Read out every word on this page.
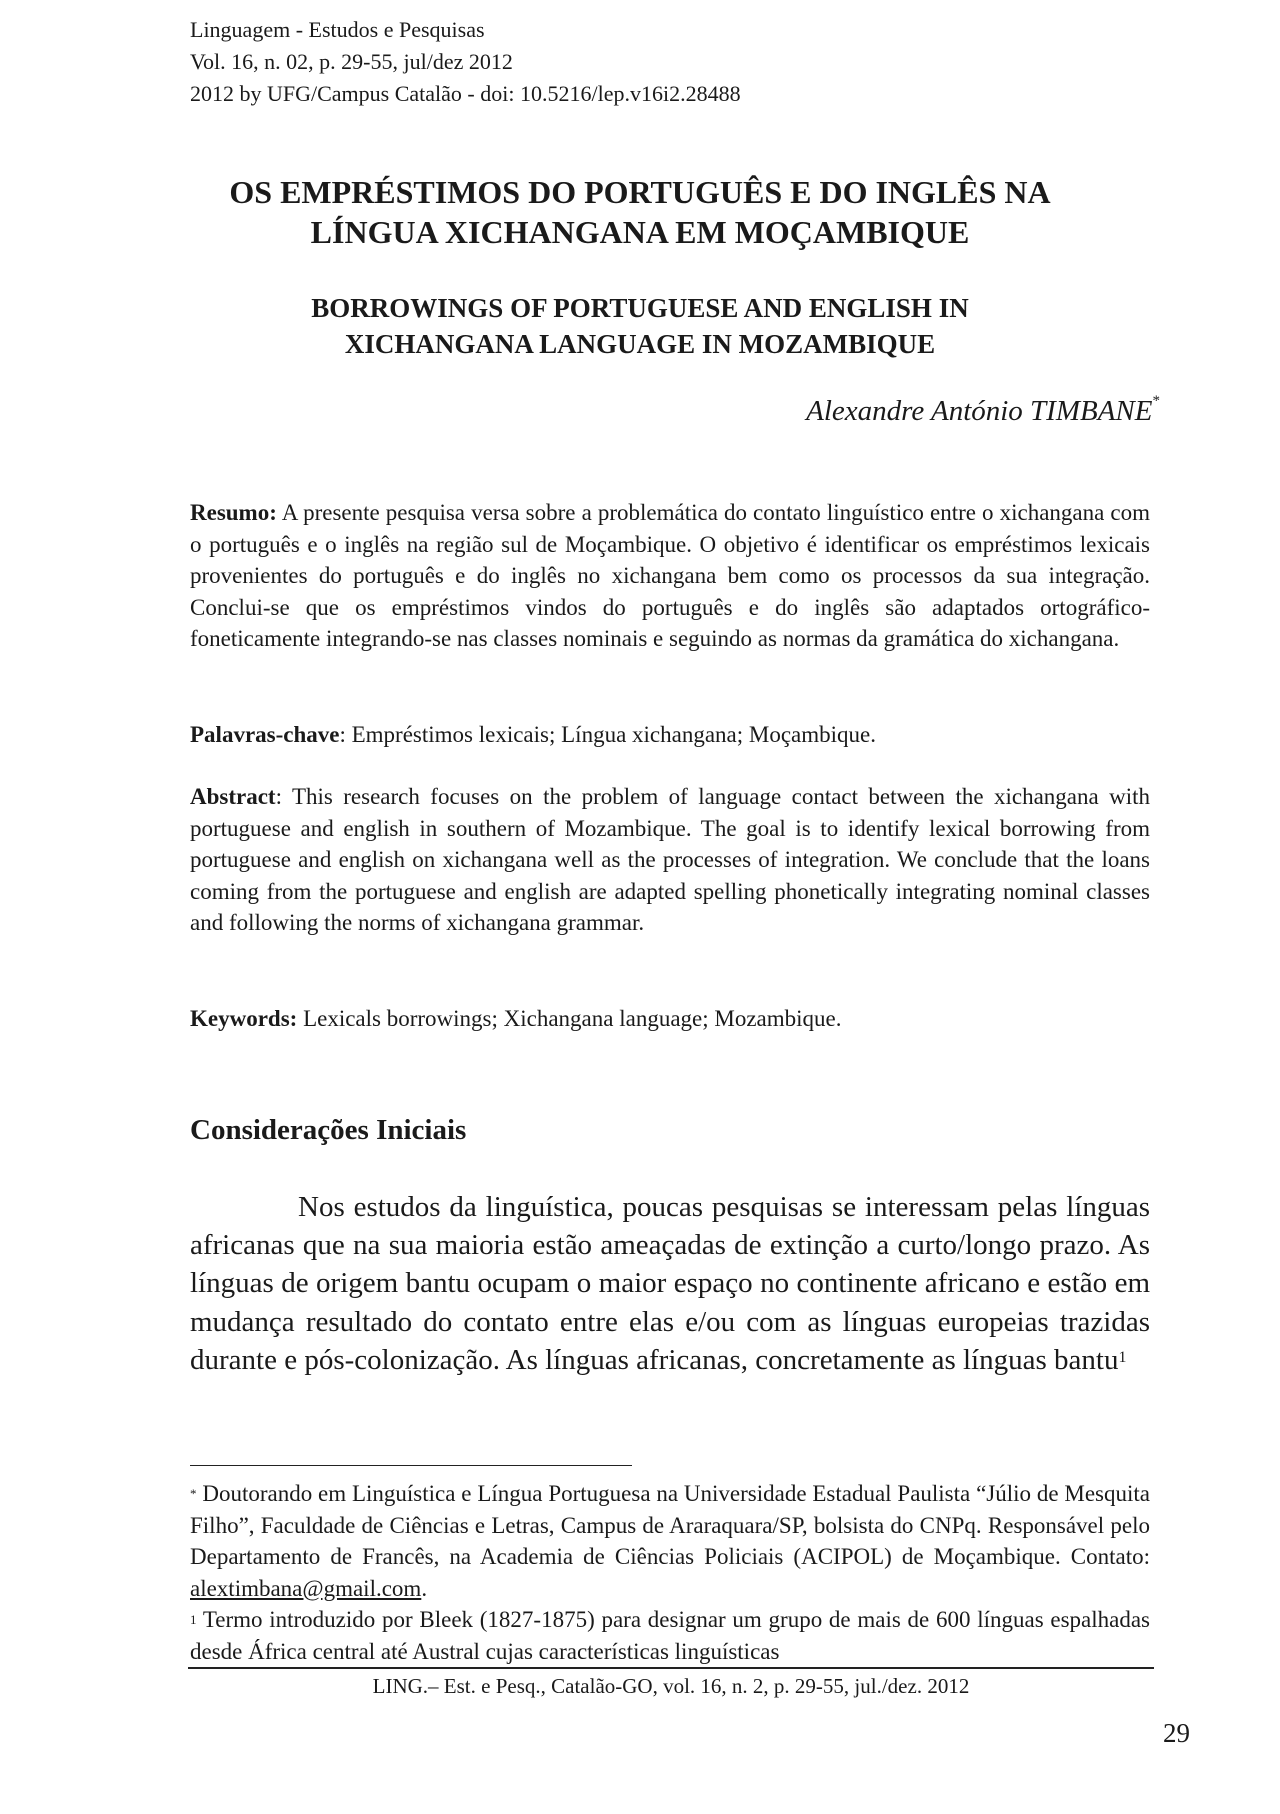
Linguagem - Estudos e Pesquisas
Vol. 16, n. 02, p. 29-55, jul/dez 2012
2012 by UFG/Campus Catalão - doi: 10.5216/lep.v16i2.28488
OS EMPRÉSTIMOS DO PORTUGUÊS E DO INGLÊS NA
LÍNGUA XICHANGANA EM MOÇAMBIQUE
BORROWINGS OF PORTUGUESE AND ENGLISH IN
XICHANGANA LANGUAGE IN MOZAMBIQUE
Alexandre António TIMBANE*
Resumo: A presente pesquisa versa sobre a problemática do contato linguístico entre o xichangana com o português e o inglês na região sul de Moçambique. O objetivo é identificar os empréstimos lexicais provenientes do português e do inglês no xichangana bem como os processos da sua integração. Conclui-se que os empréstimos vindos do português e do inglês são adaptados ortográfico-foneticamente integrando-se nas classes nominais e seguindo as normas da gramática do xichangana.
Palavras-chave: Empréstimos lexicais; Língua xichangana; Moçambique.
Abstract: This research focuses on the problem of language contact between the xichangana with portuguese and english in southern of Mozambique. The goal is to identify lexical borrowing from portuguese and english on xichangana well as the processes of integration. We conclude that the loans coming from the portuguese and english are adapted spelling phonetically integrating nominal classes and following the norms of xichangana grammar.
Keywords: Lexicals borrowings; Xichangana language; Mozambique.
Considerações Iniciais
Nos estudos da linguística, poucas pesquisas se interessam pelas línguas africanas que na sua maioria estão ameaçadas de extinção a curto/longo prazo. As línguas de origem bantu ocupam o maior espaço no continente africano e estão em mudança resultado do contato entre elas e/ou com as línguas europeias trazidas durante e pós-colonização. As línguas africanas, concretamente as línguas bantu$^1$
* Doutorando em Linguística e Língua Portuguesa na Universidade Estadual Paulista “Júlio de Mesquita Filho”, Faculdade de Ciências e Letras, Campus de Araraquara/SP, bolsista do CNPq. Responsável pelo Departamento de Francês, na Academia de Ciências Policiais (ACIPOL) de Moçambique. Contato: alextimbana@gmail.com.
$^1$ Termo introduzido por Bleek (1827-1875) para designar um grupo de mais de 600 línguas espalhadas desde África central até Austral cujas características linguísticas
LING.– Est. e Pesq., Catalão-GO, vol. 16, n. 2, p. 29-55, jul./dez. 2012
29
